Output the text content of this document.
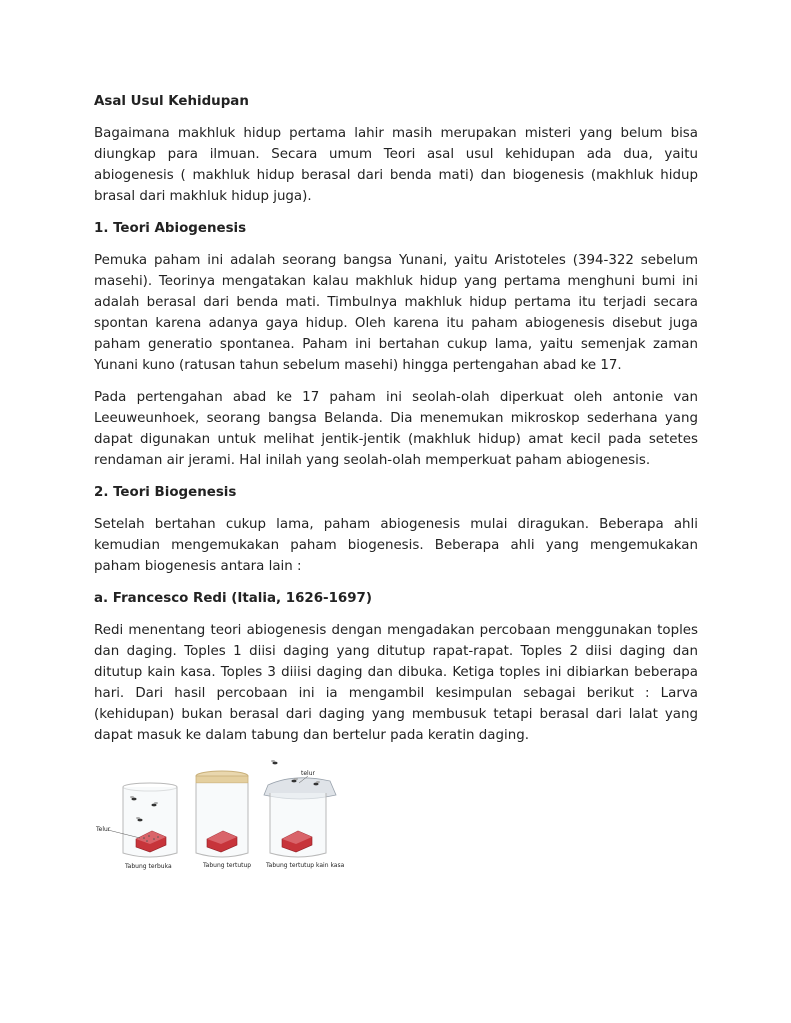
Asal Usul Kehidupan

Bagaimana makhluk hidup pertama lahir masih merupakan misteri yang belum bisa diungkap para ilmuan. Secara umum Teori asal usul kehidupan ada dua, yaitu abiogenesis ( makhluk hidup berasal dari benda mati) dan biogenesis (makhluk hidup brasal dari makhluk hidup juga).

1. Teori Abiogenesis

Pemuka paham ini adalah seorang bangsa Yunani, yaitu Aristoteles (394-322 sebelum masehi). Teorinya mengatakan kalau makhluk hidup yang pertama menghuni bumi ini adalah berasal dari benda mati. Timbulnya makhluk hidup pertama itu terjadi secara spontan karena adanya gaya hidup. Oleh karena itu paham abiogenesis disebut juga paham generatio spontanea. Paham ini bertahan cukup lama, yaitu semenjak zaman Yunani kuno (ratusan tahun sebelum masehi) hingga pertengahan abad ke 17.

Pada pertengahan abad ke 17 paham ini seolah-olah diperkuat oleh antonie van Leeuweunhoek, seorang bangsa Belanda. Dia menemukan mikroskop sederhana yang dapat digunakan untuk melihat jentik-jentik (makhluk hidup) amat kecil pada setetes rendaman air jerami. Hal inilah yang seolah-olah memperkuat paham abiogenesis.

2. Teori Biogenesis

Setelah bertahan cukup lama, paham abiogenesis mulai diragukan. Beberapa ahli kemudian mengemukakan paham biogenesis. Beberapa ahli yang mengemukakan paham biogenesis antara lain :

a. Francesco Redi (Italia, 1626-1697)

Redi menentang teori abiogenesis dengan mengadakan percobaan menggunakan toples dan daging. Toples 1 diisi daging yang ditutup rapat-rapat. Toples 2 diisi daging dan ditutup kain kasa. Toples 3 diiisi daging dan dibuka. Ketiga toples ini dibiarkan beberapa hari. Dari hasil percobaan ini ia mengambil kesimpulan sebagai berikut : Larva (kehidupan) bukan berasal dari daging yang membusuk tetapi berasal dari lalat yang dapat masuk ke dalam tabung dan bertelur pada keratin daging.

Telur
Tabung terbuka	Tabung tertutup
telur
Tabung tertutup kain kasa
